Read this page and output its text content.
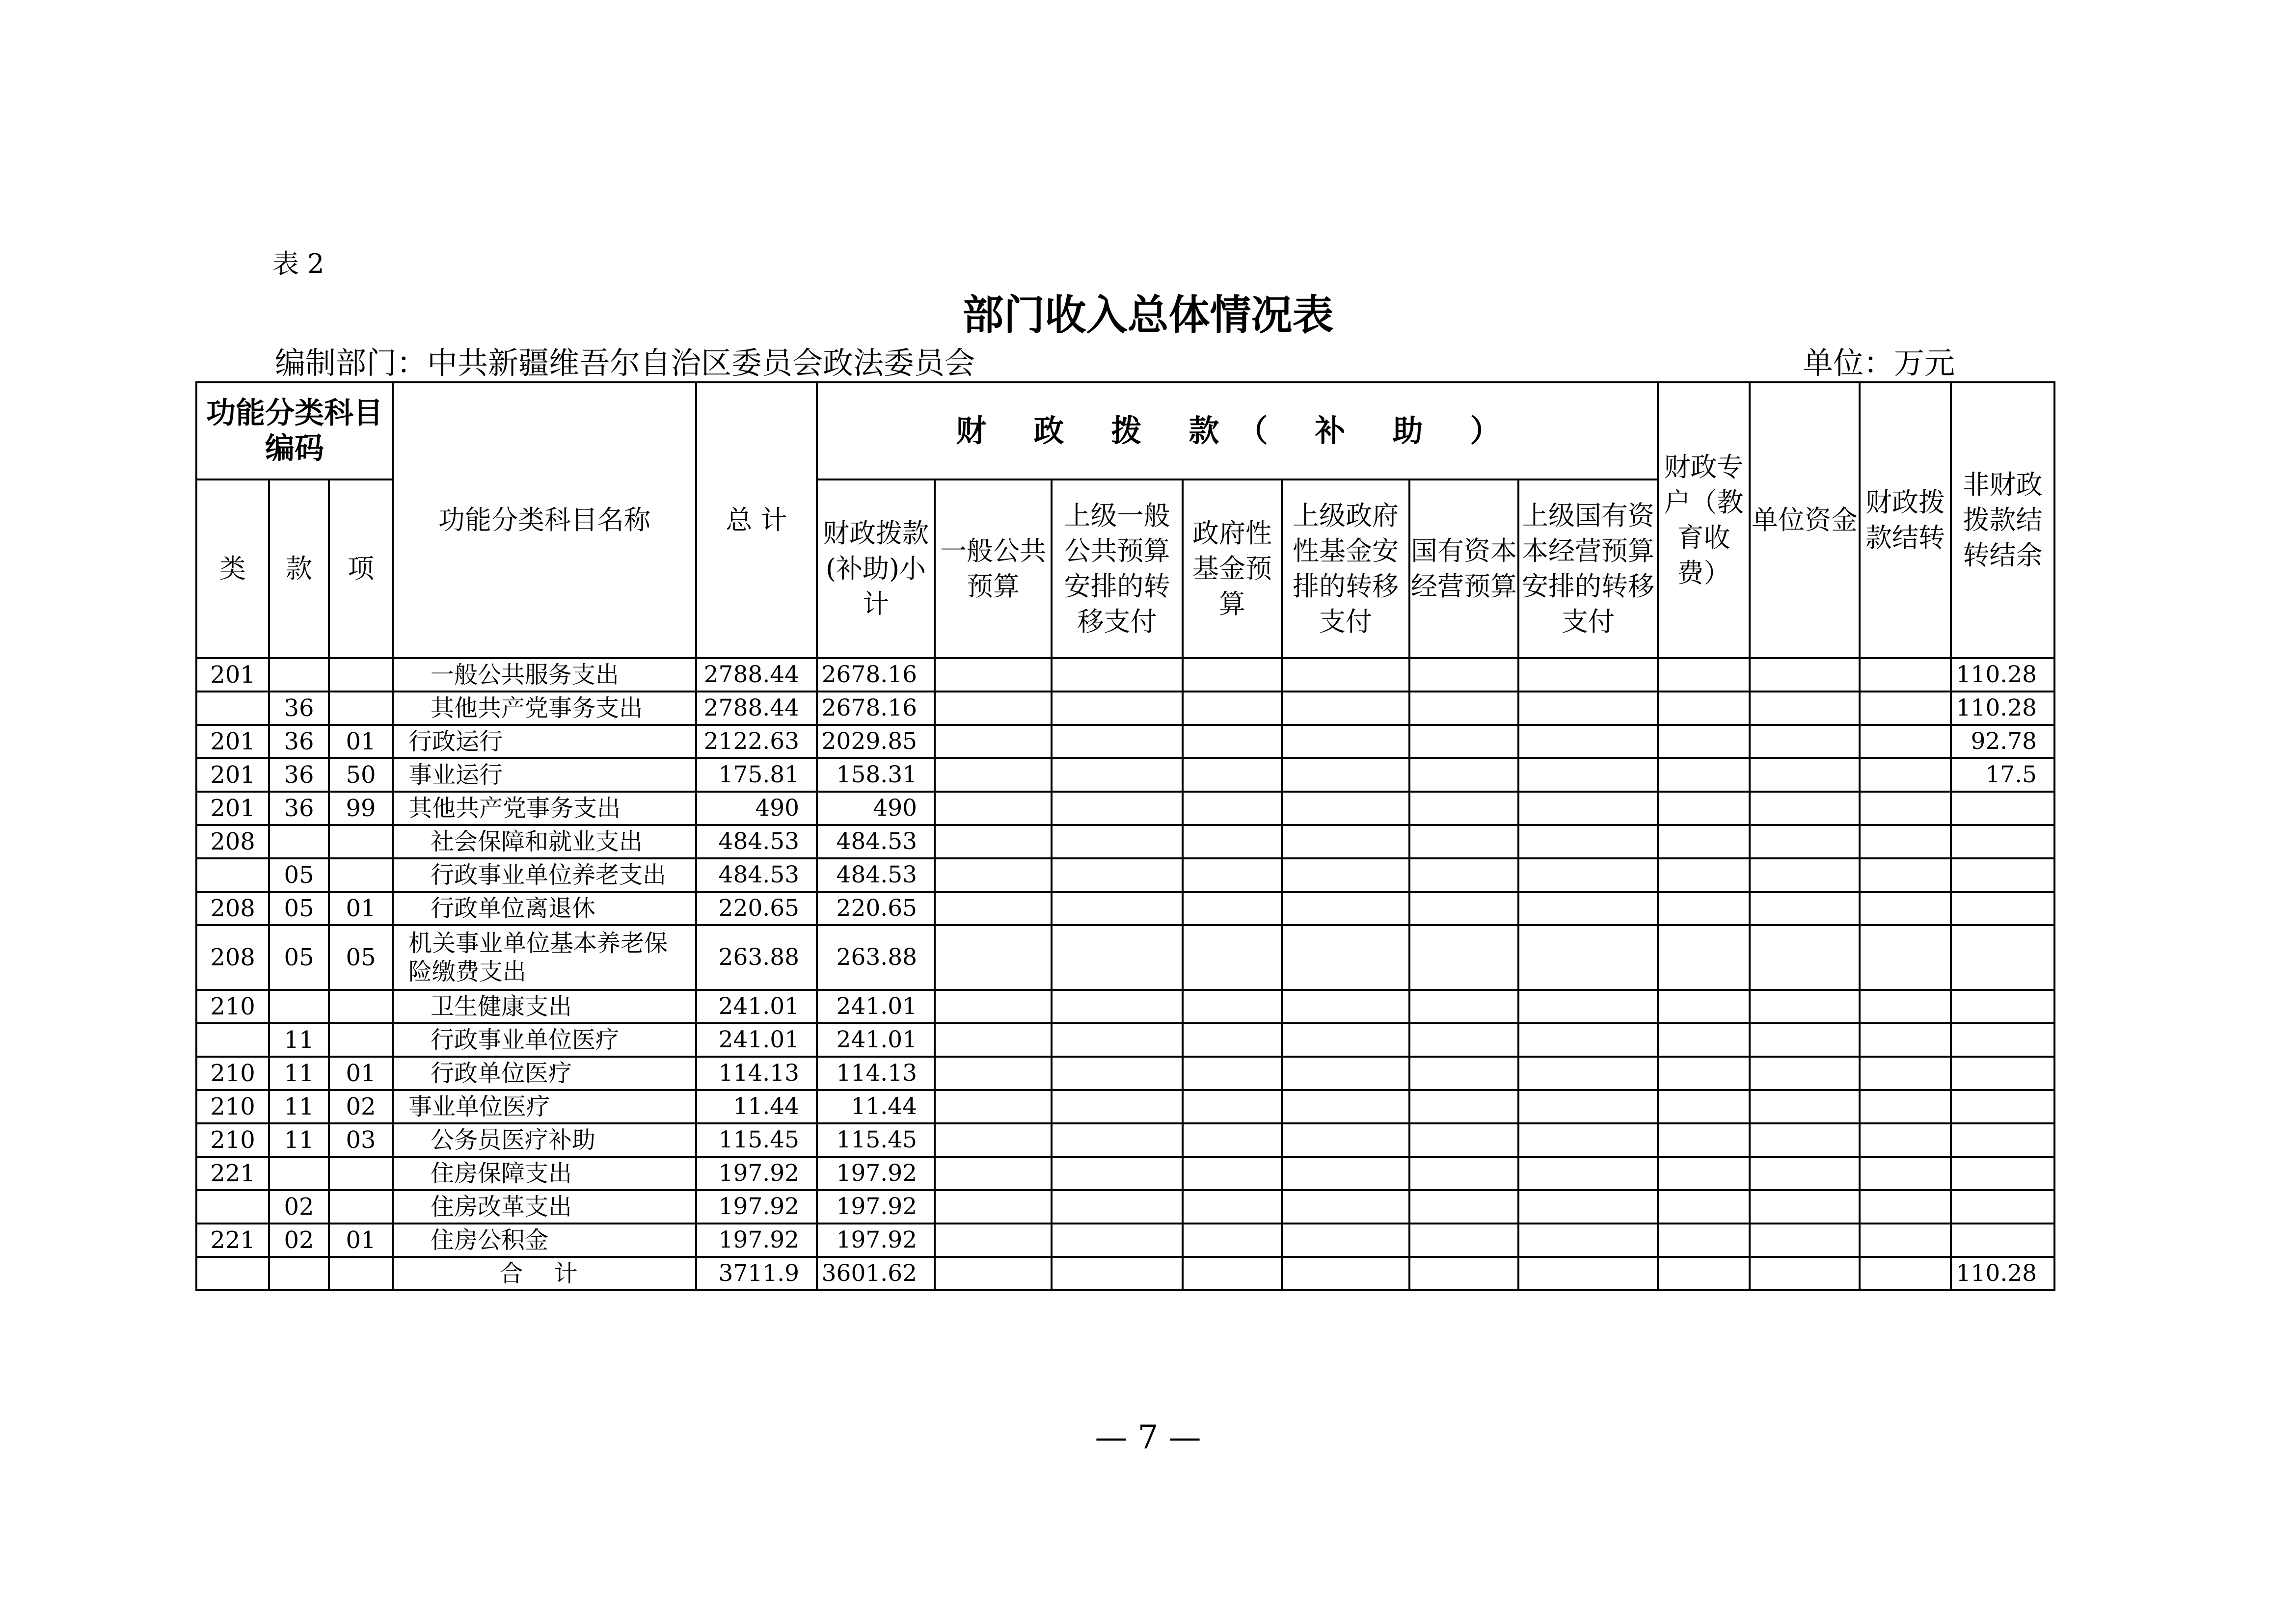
表 2
部门收入总体情况表
编制部门：中共新疆维吾尔自治区委员会政法委员会	单位：万元
功能分类科目编码			功能分类科目名称	总 计	财 政 拨 款（ 补 助 ）							财政专户（教育收费）	单位资金	财政拨款结转	非财政拨款结转结余
类	款	项			财政拨款(补助)小计	一般公共预算	上级一般公共预算安排的转移支付	政府性基金预算	上级政府性基金安排的转移支付	国有资本经营预算	上级国有资本经营预算安排的转移支付				
201			一般公共服务支出	2788.44	2678.16										110.28
	36		其他共产党事务支出	2788.44	2678.16										110.28
201	36	01	行政运行	2122.63	2029.85										92.78
201	36	50	事业运行	175.81	158.31										17.5
201	36	99	其他共产党事务支出	490	490										
208			社会保障和就业支出	484.53	484.53										
	05		行政事业单位养老支出	484.53	484.53										
208	05	01	行政单位离退休	220.65	220.65										
208	05	05	机关事业单位基本养老保险缴费支出	263.88	263.88										
210			卫生健康支出	241.01	241.01										
	11		行政事业单位医疗	241.01	241.01										
210	11	01	行政单位医疗	114.13	114.13										
210	11	02	事业单位医疗	11.44	11.44										
210	11	03	公务员医疗补助	115.45	115.45										
221			住房保障支出	197.92	197.92										
	02		住房改革支出	197.92	197.92										
221	02	01	住房公积金	197.92	197.92										
			合 计	3711.9	3601.62										110.28
— 7 —
